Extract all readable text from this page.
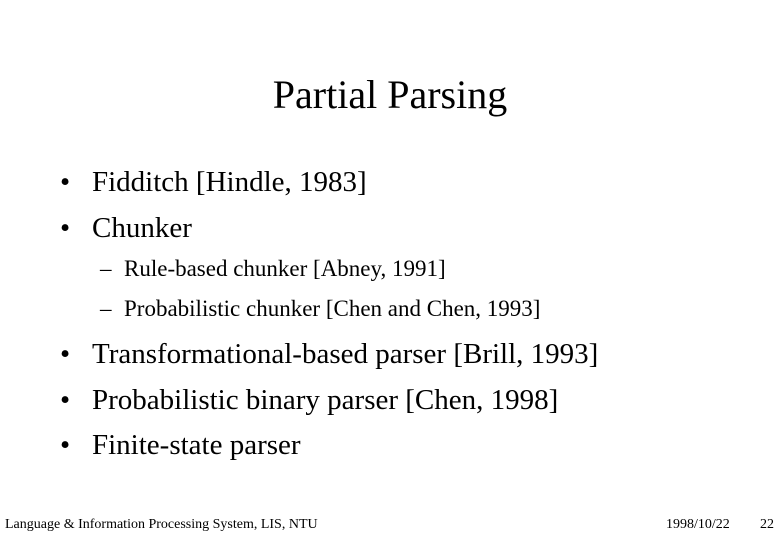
Partial Parsing
• Fidditch [Hindle, 1983]
• Chunker
– Rule-based chunker [Abney, 1991]
– Probabilistic chunker [Chen and Chen, 1993]
• Transformational-based parser [Brill, 1993]
• Probabilistic binary parser [Chen, 1998]
• Finite-state parser
Language & Information Processing System, LIS, NTU	1998/10/22 22
